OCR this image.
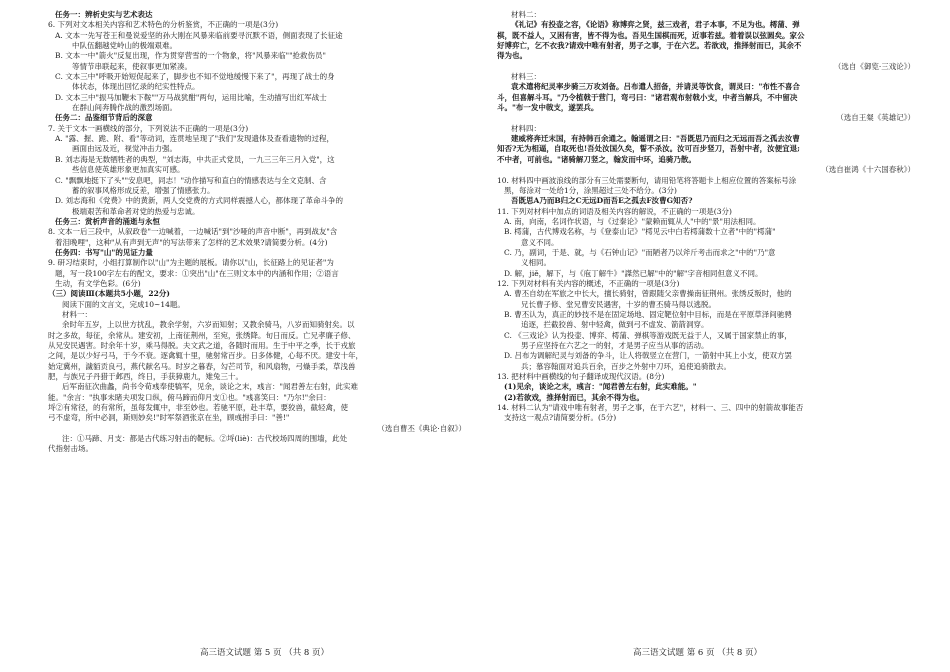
任务一：辨析史实与艺术表达
6. 下列对文本相关内容和艺术特色的分析鉴赏，不正确的一项是(3分)
A. 文本一先写苍王和曼说爱坚的孙大刚在风暴来临前要寻沉默不语，侧面表现了长征途
中队伍翻越党岭山的极端艰难。
B. 文本一中"箭火"反复出现，作为贯穿营雪的一个物象，将"风暴来临""抢救伤员"
等情节串联起来，使叙事更加紧凑。
C. 文本三中"呼吸开始短促起来了，脚步也不知不觉地缓慢下来了"，再现了战士的身
体状态，体现出回忆录的纪实性特点。
D. 文本三中"振马加鞭未下鞍""万马战犹酣"两句，运用比喻，生动描写出红军战士
在群山间奔腾作战的激烈场面。
任务二：品鉴细节背后的深意
7. 关于文本一画横线的部分，下列说法不正确的一项是(3分)
A. "露、握、跪、附、看"等动词，连贯地呈现了"我们"发现遗体及查看遗物的过程，
画面由远及近，视觉冲击力强。
B. 刘志海是无数牺牲者的典型，"刘志海，中共正式党员，一九三三年三月入党"，这
些信息使英雄形象更加真实可感。
C. "飘飘地挺下了头""安息吧，同志！"动作描写和直白的情感表达与全文克制、含
蓄的叙事风格形成反差，增强了情感张力。
D. 刘志海和《党费》中的黄新，两人交党费的方式同样震撼人心，都体现了革命斗争的
极端艰苦和革命者对党的热爱与忠诚。
任务三：赏析声音的涌逝与永恒
8. 文本一后三段中，从叙政卷"一边喊着，一边喊话"到"沙哑的声音中断"，再到战友"含
着泪晚哩"，这种"从有声到无声"的写法带来了怎样的艺术效果?请简要分析。(4分)
任务四：书写"山"的见证力量
9. 研习结束时，小组打算制作以"山"为主题的展板。请你以"山，长征路上的见证者"为
题，写一段100字左右的配文，要求：①突出"山"在三则文本中的内涵和作用；②语言
生动，有文学色彩。(6分)
（三）阅读Ⅲ(本题共5小题，22分)
阅读下面的文言文，完成10~14题。
材料一：
余时年五岁，上以世方扰乱，教余学射，六岁而知射；又教余骑马，八岁而知骑射矣。以
时之多故，每征，余常从。建安初，上南征荆州，至宛，张绣降。旬日而反。亡兄孝廉子修、
从兄安民遇害。时余年十岁，乘马得脱。夫文武之道，各随时而用。生于中平之季，长于戎旅
之间，是以少好弓马，于今不衰。逐禽辄十里，驰射常百步。日多体健，心每不厌。建安十年，
始定冀州，濊貊贡良弓，燕代献名马。时岁之暮春，勾芒司节，和风扇物，弓燥手柔，草浅兽
肥，与族兄子丹猎于邺西，终日，手获獐鹿九，雉兔三十。
后军南征次曲蠡，尚书令荀彧奉使犒军，见余，谈论之末，彧言："闻君善左右射，此实难
能。"余言："执事未睹夫项发口纵，俯马蹄而仰月支①也。"彧喜笑曰："乃尔!"余曰：
埒②有常径，的有常所，虽每发辄中，非至妙也。若驰平原，赴丰草，要狡兽，截轻禽，使
弓不虚弯，所中必洞，斯则妙矣!"时军祭酒张京在坐，顾彧拊手曰："善!"
（选自曹丕《典论·自叙》）
注：①马蹄、月支：都是古代练习射击的靶标。②埒(liè)：古代校场四周的围墙，此处
代指射击场。
材料二：
《礼记》有投壶之容，《论语》称博弈之贤，兹三戏者，君子本事，不足为也。樗蒲、弹
棋，既不益人，又困有害，皆不得为也。吾见生国棋而死，近事若兹。着着误以弦圆矣。家公
好博弈亡，乞不衣我?请戏中唯有射者，男子之事，于在六艺。若欲戏，推择射而已，其余不
得为也。
（选自《御览·三戏论》）
材料三：
袁术遣将纪灵率步骑三万攻刘备。吕布遣人招备，并请灵等饮食，谓灵曰："布性不喜合
斗，但喜解斗耳。"乃令植戟于营门，弯弓曰："诸君观布射戟小支，中者当解兵，不中留决
斗。"布一发中戟支，遂罢兵。
（选自王粲《英雄记》）
材料四：
建威将奔迁末国，有持韩百余通之。翰遥谓之曰："吾既思乃而归之无远而吾之孤去汝曹
知否?无为相逼，自取死也!吾处汝国久矣，誓不杀汝。汝可百步竖刀，吾射中者，汝便宜退;
不中者，可前也。"诸骑解刀竖之，翰发而中环，追骑乃散。
（选自崔鸿《十六国春秋》）
10. 材料四中画波浪线的部分有三处需要断句，请用铅笔将答题卡上相应位置的答案标号涂
黑，每涂对一处给1分，涂黑超过三处不给分。(3分)
吾既思A乃而B归之C无远D而吾E之孤去F汝曹G知否?
11. 下列对材料中加点的词语及相关内容的解说，不正确的一项是(3分)
A. 南，向南，名词作状语，与《过秦论》"蒙赖而辄从人"中的"景"用法相同。
B. 樗蒲，古代博戏名称，与《登泰山记》"樗见云中白若樗蒲数十立者"中的"樗蒲"
意义不同。
C. 乃，副词，于是、就，与《石钟山记》"而陋者乃以斧斤考击而求之"中的"乃"意
义相同。
D. 解，jiě，解下，与《庖丁解牛》"謋然已解"中的"解"字音相同但意义不同。
12. 下列对材料有关内容的概述，不正确的一项是(3分)
A. 曹丕自幼在军旅之中长大，擅长骑射，曾跟随父亲曹操南征荆州。张绣反叛时，他的
兄长曹子修、堂兄曹安民遇害，十岁的曹丕骑马得以逃脱。
B. 曹丕认为，真正的妙技不是在固定场地、固定靶位射中目标，而是在平原草泽间驰骋
追逐，拦截狡兽、射中轻禽，做到弓不虚发、箭箭洞穿。
C. 《三戏论》认为投壶、博弈、樗蒲、弹棋等游戏既无益于人，又属于国家禁止的事，
男子应坚持在六艺之一的射，才是男子应当从事的活动。
D. 吕布为调解纪灵与刘备的争斗，让人将戟竖立在营门，一箭射中其上小支，使双方罢
兵；慕容翰面对追兵百余，百步之外射中刀环，追使追骑散去。
13. 把材料中画横线的句子翻译成现代汉语。(8分)
(1)见余，谈论之末，彧言："闻君善左右射，此实难能。"
(2)若欲戏，推择射而已，其余不得为也。
14. 材料二认为"请戏中唯有射者，男子之事，在于六艺"，材料一、三、四中的射箭故事能否
支持这一观点?请简要分析。(5分)
高三语文试题 第 5 页 （共 8 页）	高三语文试题 第 6 页 （共 8 页）
